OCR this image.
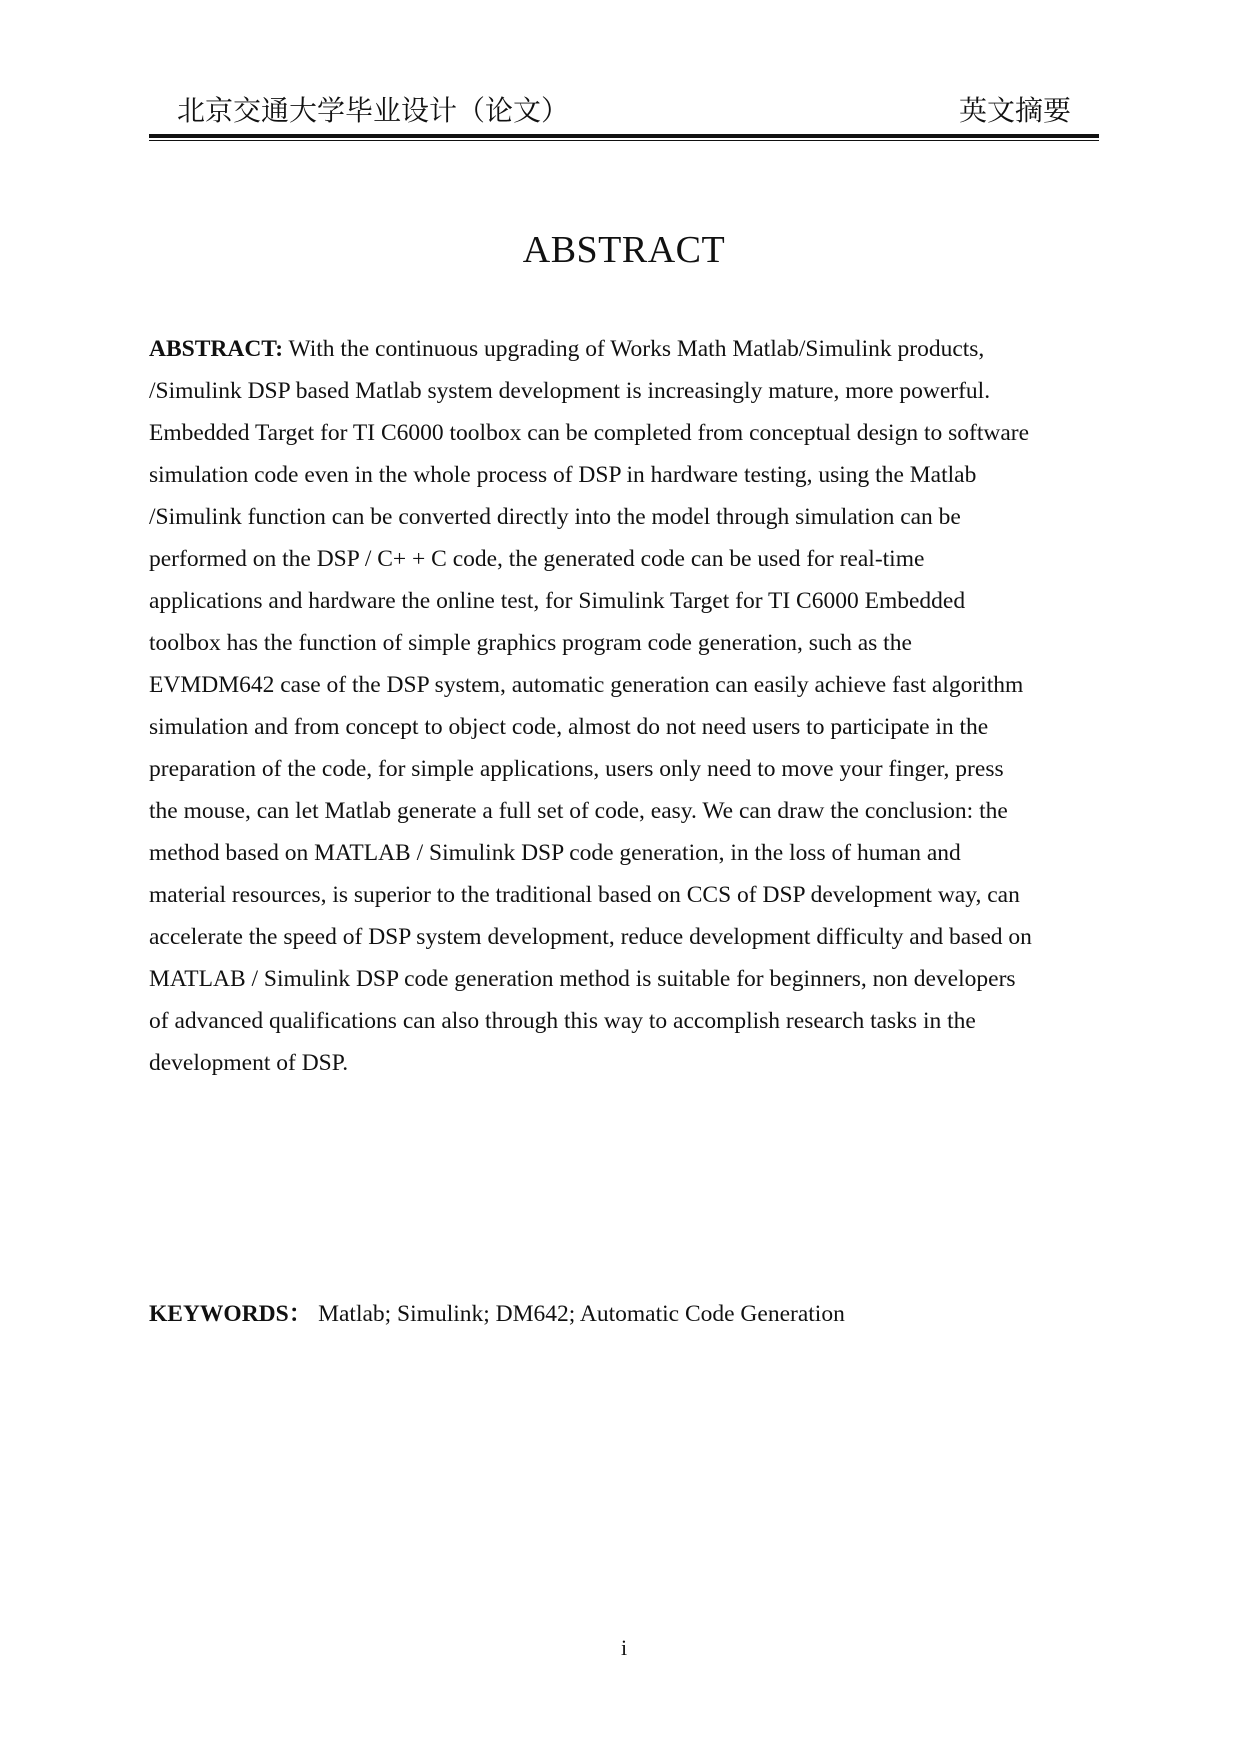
北京交通大学毕业设计（论文）	英文摘要
ABSTRACT

ABSTRACT: With the continuous upgrading of Works Math Matlab/Simulink products,
/Simulink DSP based Matlab system development is increasingly mature, more powerful.
Embedded Target for TI C6000 toolbox can be completed from conceptual design to software
simulation code even in the whole process of DSP in hardware testing, using the Matlab
/Simulink function can be converted directly into the model through simulation can be
performed on the DSP / C+ + C code, the generated code can be used for real-time
applications and hardware the online test, for Simulink Target for TI C6000 Embedded
toolbox has the function of simple graphics program code generation, such as the
EVMDM642 case of the DSP system, automatic generation can easily achieve fast algorithm
simulation and from concept to object code, almost do not need users to participate in the
preparation of the code, for simple applications, users only need to move your finger, press
the mouse, can let Matlab generate a full set of code, easy. We can draw the conclusion: the
method based on MATLAB / Simulink DSP code generation, in the loss of human and
material resources, is superior to the traditional based on CCS of DSP development way, can
accelerate the speed of DSP system development, reduce development difficulty and based on
MATLAB / Simulink DSP code generation method is suitable for beginners, non developers
of advanced qualifications can also through this way to accomplish research tasks in the
development of DSP.

KEYWORDS： Matlab; Simulink; DM642; Automatic Code Generation
i
